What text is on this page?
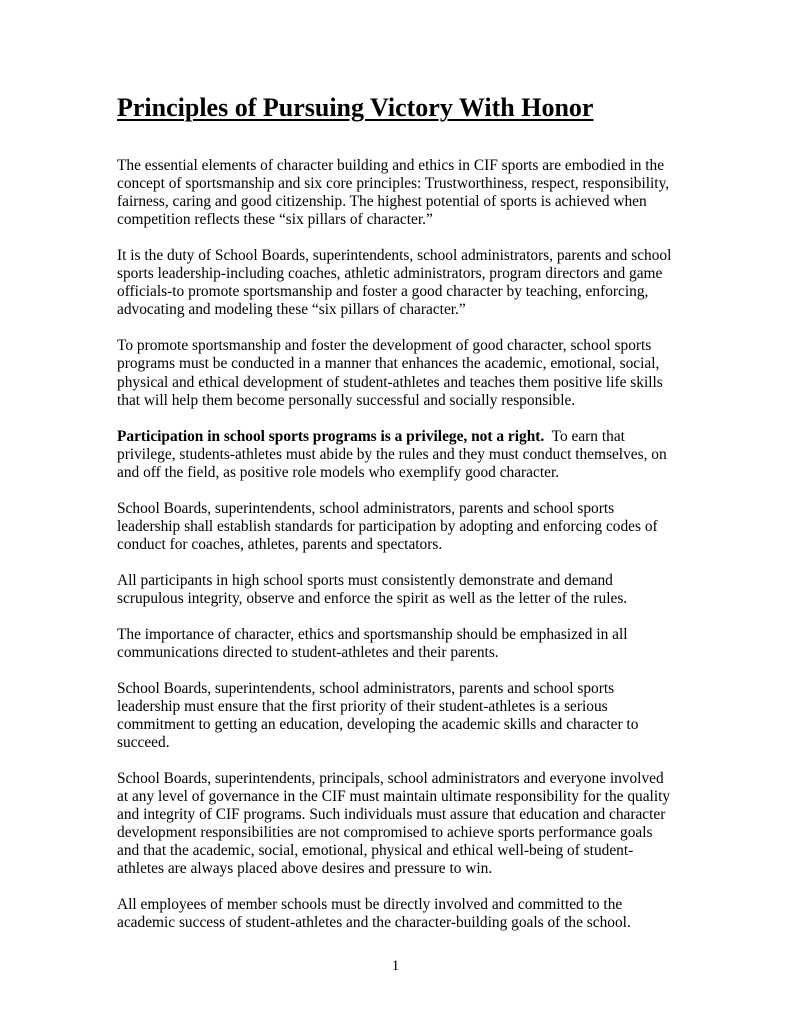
Principles of Pursuing Victory With Honor

The essential elements of character building and ethics in CIF sports are embodied in the concept of sportsmanship and six core principles: Trustworthiness, respect, responsibility, fairness, caring and good citizenship. The highest potential of sports is achieved when competition reflects these “six pillars of character.”

It is the duty of School Boards, superintendents, school administrators, parents and school sports leadership-including coaches, athletic administrators, program directors and game officials-to promote sportsmanship and foster a good character by teaching, enforcing, advocating and modeling these “six pillars of character.”

To promote sportsmanship and foster the development of good character, school sports programs must be conducted in a manner that enhances the academic, emotional, social, physical and ethical development of student-athletes and teaches them positive life skills that will help them become personally successful and socially responsible.

Participation in school sports programs is a privilege, not a right.  To earn that privilege, students-athletes must abide by the rules and they must conduct themselves, on and off the field, as positive role models who exemplify good character.

School Boards, superintendents, school administrators, parents and school sports leadership shall establish standards for participation by adopting and enforcing codes of conduct for coaches, athletes, parents and spectators.

All participants in high school sports must consistently demonstrate and demand scrupulous integrity, observe and enforce the spirit as well as the letter of the rules.

The importance of character, ethics and sportsmanship should be emphasized in all communications directed to student-athletes and their parents.

School Boards, superintendents, school administrators, parents and school sports leadership must ensure that the first priority of their student-athletes is a serious commitment to getting an education, developing the academic skills and character to succeed.

School Boards, superintendents, principals, school administrators and everyone involved at any level of governance in the CIF must maintain ultimate responsibility for the quality and integrity of CIF programs. Such individuals must assure that education and character development responsibilities are not compromised to achieve sports performance goals and that the academic, social, emotional, physical and ethical well-being of student-athletes are always placed above desires and pressure to win.

All employees of member schools must be directly involved and committed to the academic success of student-athletes and the character-building goals of the school.

1
